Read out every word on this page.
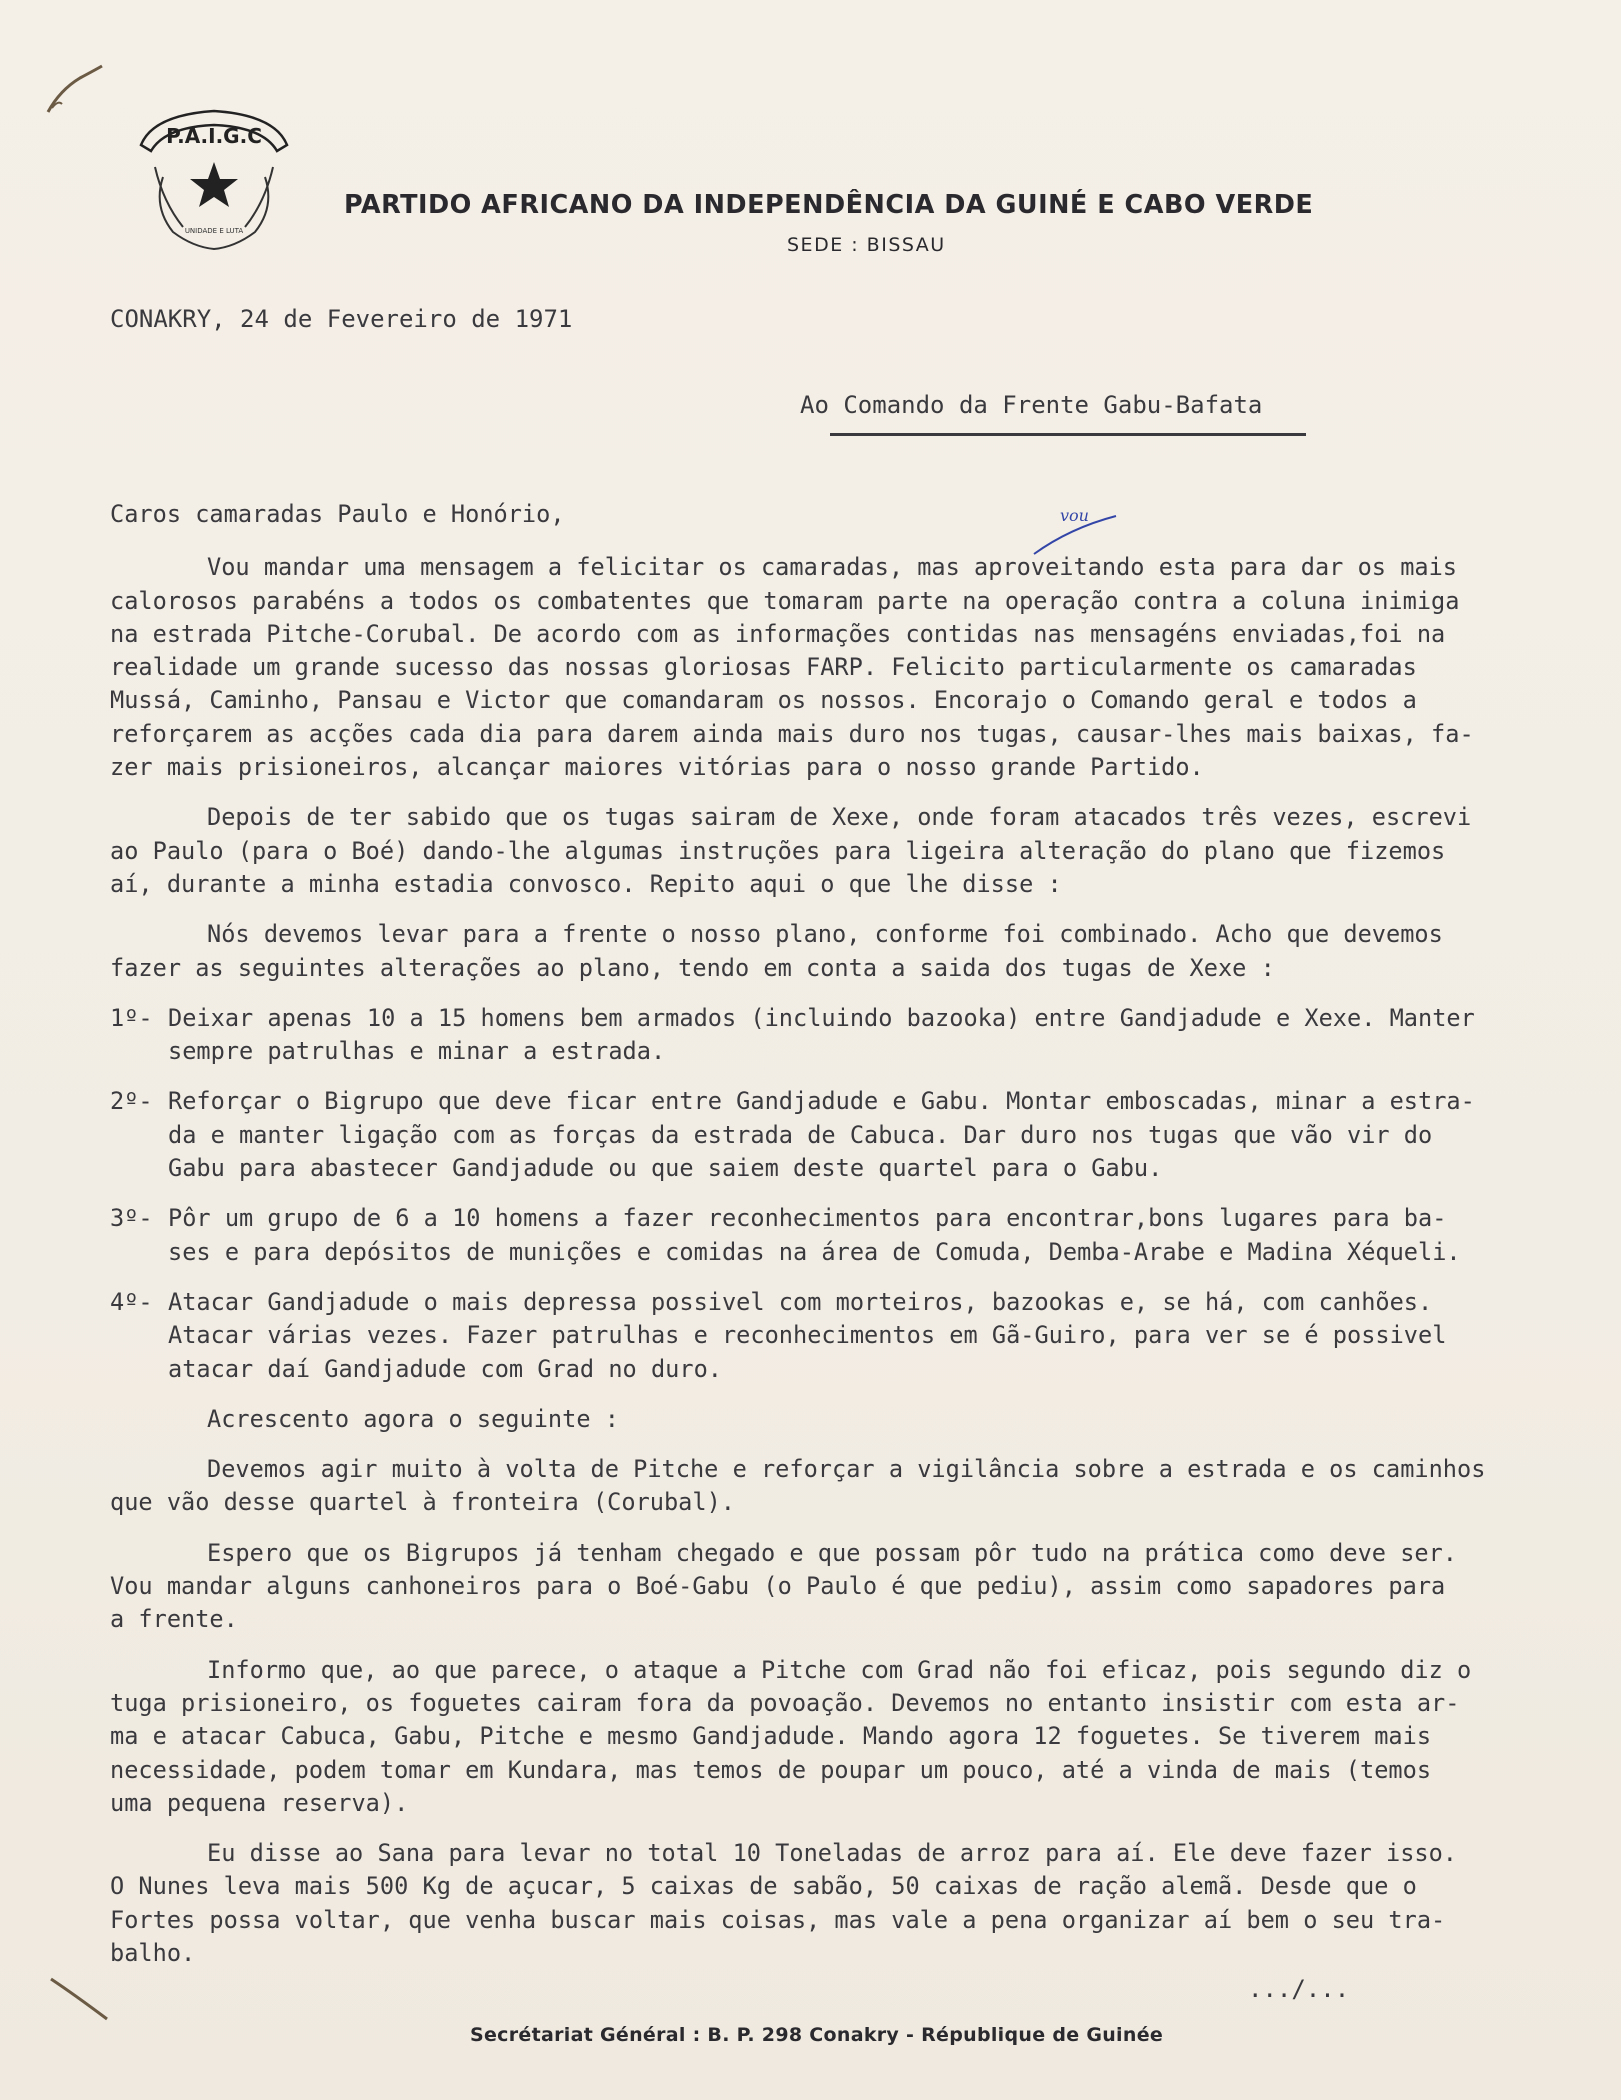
P.A.I.G.C
UNIDADE E LUTA
PARTIDO AFRICANO DA INDEPENDÊNCIA DA GUINÉ E CABO VERDE
SEDE : BISSAU
CONAKRY, 24 de Fevereiro de 1971
Ao Comando da Frente Gabu-Bafata
vou

Caros camaradas Paulo e Honório,

Vou mandar uma mensagem a felicitar os camaradas, mas aproveitando esta para dar os mais

calorosos parabéns a todos os combatentes que tomaram parte na operação contra a coluna inimiga

na estrada Pitche-Corubal. De acordo com as informações contidas nas mensagéns enviadas,foi na

realidade um grande sucesso das nossas gloriosas FARP. Felicito particularmente os camaradas

Mussá, Caminho, Pansau e Victor que comandaram os nossos. Encorajo o Comando geral e todos a

reforçarem as acções cada dia para darem ainda mais duro nos tugas, causar-lhes mais baixas, fa-

zer mais prisioneiros, alcançar maiores vitórias para o nosso grande Partido.

Depois de ter sabido que os tugas sairam de Xexe, onde foram atacados três vezes, escrevi

ao Paulo (para o Boé) dando-lhe algumas instruções para ligeira alteração do plano que fizemos

aí, durante a minha estadia convosco. Repito aqui o que lhe disse :

Nós devemos levar para a frente o nosso plano, conforme foi combinado. Acho que devemos

fazer as seguintes alterações ao plano, tendo em conta a saida dos tugas de Xexe :

1º- Deixar apenas 10 a 15 homens bem armados (incluindo bazooka) entre Gandjadude e Xexe. Manter
sempre patrulhas e minar a estrada.
2º- Reforçar o Bigrupo que deve ficar entre Gandjadude e Gabu. Montar emboscadas, minar a estra-
da e manter ligação com as forças da estrada de Cabuca. Dar duro nos tugas que vão vir do
Gabu para abastecer Gandjadude ou que saiem deste quartel para o Gabu.
3º- Pôr um grupo de 6 a 10 homens a fazer reconhecimentos para encontrar,bons lugares para ba-
ses e para depósitos de munições e comidas na área de Comuda, Demba-Arabe e Madina Xéqueli.
4º- Atacar Gandjadude o mais depressa possivel com morteiros, bazookas e, se há, com canhões.
Atacar várias vezes. Fazer patrulhas e reconhecimentos em Gã-Guiro, para ver se é possivel
atacar daí Gandjadude com Grad no duro.

Acrescento agora o seguinte :

Devemos agir muito à volta de Pitche e reforçar a vigilância sobre a estrada e os caminhos

que vão desse quartel à fronteira (Corubal).

Espero que os Bigrupos já tenham chegado e que possam pôr tudo na prática como deve ser.

Vou mandar alguns canhoneiros para o Boé-Gabu (o Paulo é que pediu), assim como sapadores para

a frente.

Informo que, ao que parece, o ataque a Pitche com Grad não foi eficaz, pois segundo diz o

tuga prisioneiro, os foguetes cairam fora da povoação. Devemos no entanto insistir com esta ar-

ma e atacar Cabuca, Gabu, Pitche e mesmo Gandjadude. Mando agora 12 foguetes. Se tiverem mais

necessidade, podem tomar em Kundara, mas temos de poupar um pouco, até a vinda de mais (temos

uma pequena reserva).

Eu disse ao Sana para levar no total 10 Toneladas de arroz para aí. Ele deve fazer isso.

O Nunes leva mais 500 Kg de açucar, 5 caixas de sabão, 50 caixas de ração alemã. Desde que o

Fortes possa voltar, que venha buscar mais coisas, mas vale a pena organizar aí bem o seu tra-

balho.

.../...
Secrétariat Général : B. P. 298 Conakry - République de Guinée
